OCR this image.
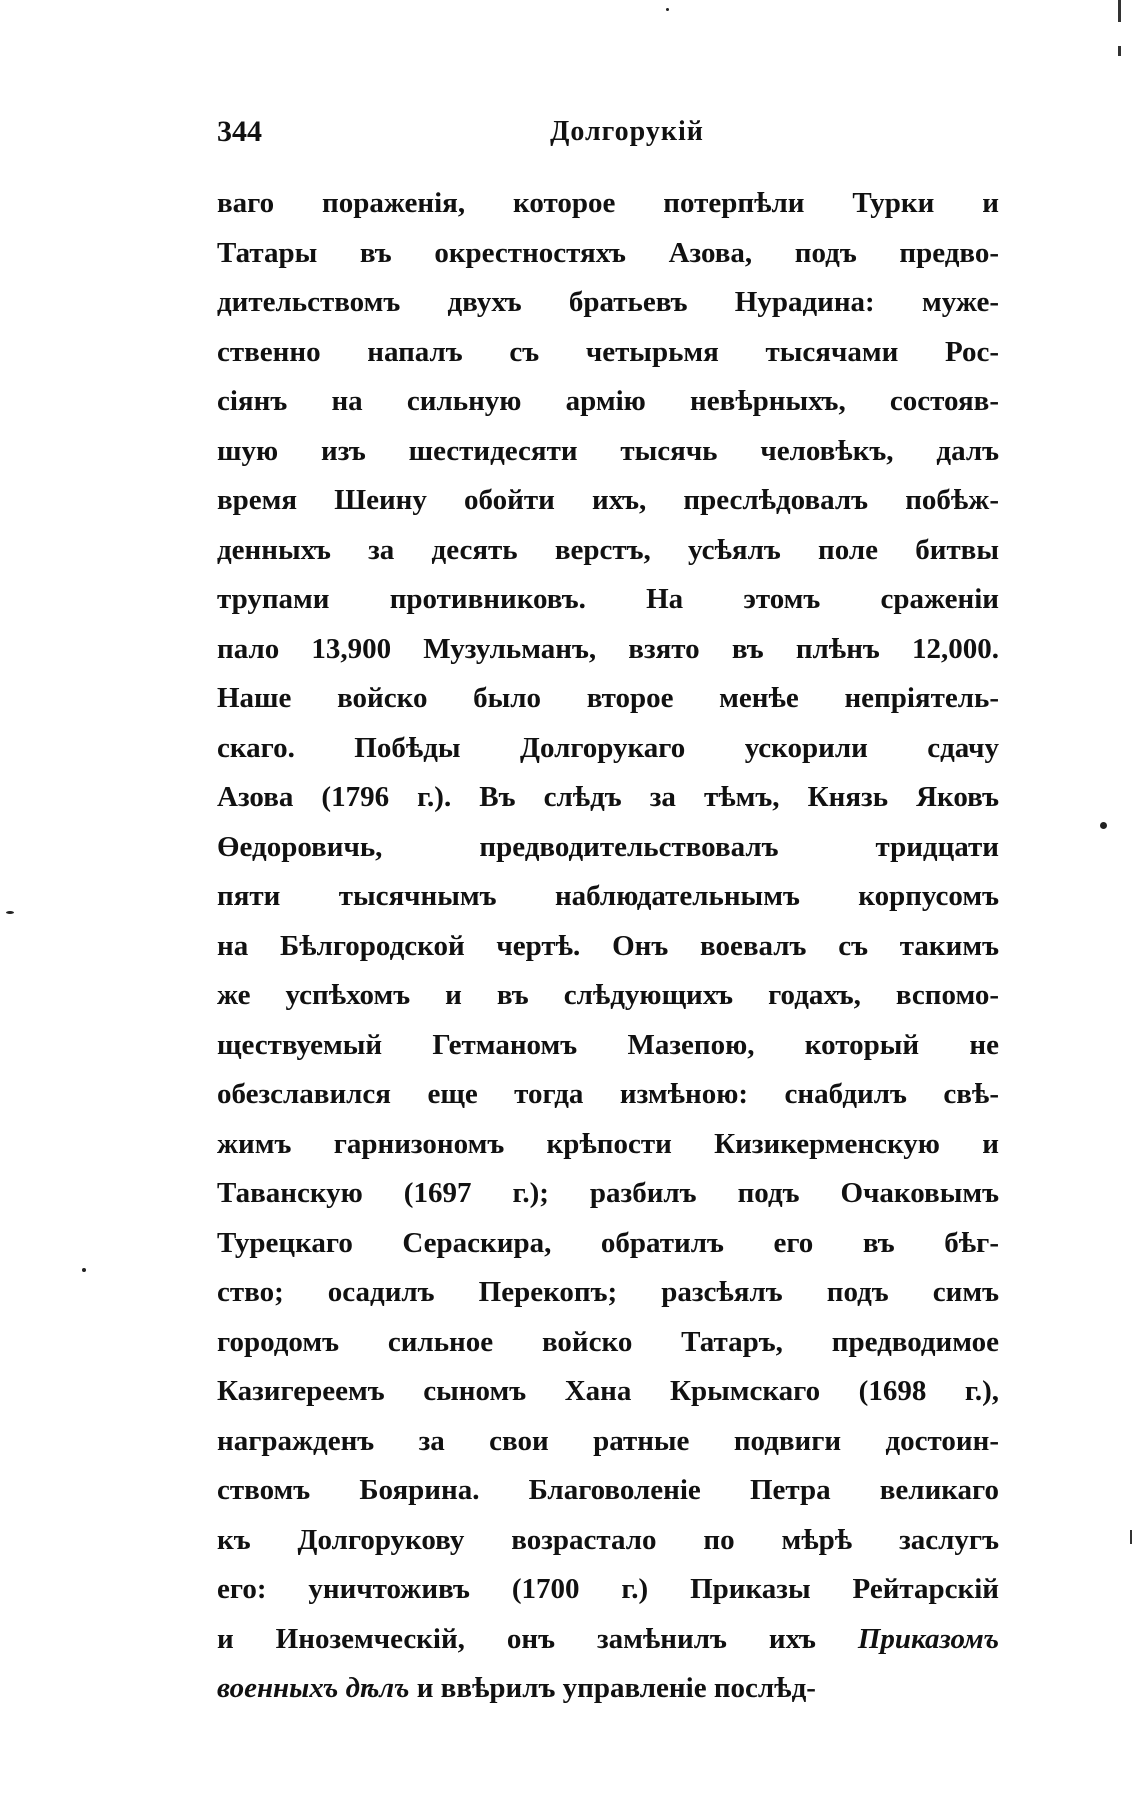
344	Долгорукій
ваго пораженія, которое потерпѣли Турки и
Татары въ окрестностяхъ Азова, подъ предво-
дительствомъ двухъ братьевъ Нурадина: муже-
ственно напалъ съ четырьмя тысячами Рос-
сіянъ на сильную армію невѣрныхъ, состояв-
шую изъ шестидесяти тысячь человѣкъ, далъ
время Шеину обойти ихъ, преслѣдовалъ побѣж-
денныхъ за десять верстъ, усѣялъ поле битвы
трупами противниковъ. На этомъ сраженіи
пало 13,900 Музульманъ, взято въ плѣнъ 12,000.
Наше войско было второе менѣе непріятель-
скаго. Побѣды Долгорукаго ускорили сдачу
Азова (1796 г.). Въ слѣдъ за тѣмъ, Князь Яковъ
Өедоровичь, предводительствовалъ тридцати
пяти тысячнымъ наблюдательнымъ корпусомъ
на Бѣлгородской чертѣ. Онъ воевалъ съ такимъ
же успѣхомъ и въ слѣдующихъ годахъ, вспомо-
ществуемый Гетманомъ Мазепою, который не
обезславился еще тогда измѣною: снабдилъ свѣ-
жимъ гарнизономъ крѣпости Кизикерменскую и
Таванскую (1697 г.); разбилъ подъ Очаковымъ
Турецкаго Сераскира, обратилъ его въ бѣг-
ство; осадилъ Перекопъ; разсѣялъ подъ симъ
городомъ сильное войско Татаръ, предводимое
Казигереемъ сыномъ Хана Крымскаго (1698 г.),
награжденъ за свои ратные подвиги достоин-
ствомъ Боярина. Благоволеніе Петра великаго
къ Долгорукову возрастало по мѣрѣ заслугъ
его: уничтоживъ (1700 г.) Приказы Рейтарскій
и Иноземческій, онъ замѣнилъ ихъ Приказомъ
военныхъ дѣлъ и ввѣрилъ управленіе послѣд-
